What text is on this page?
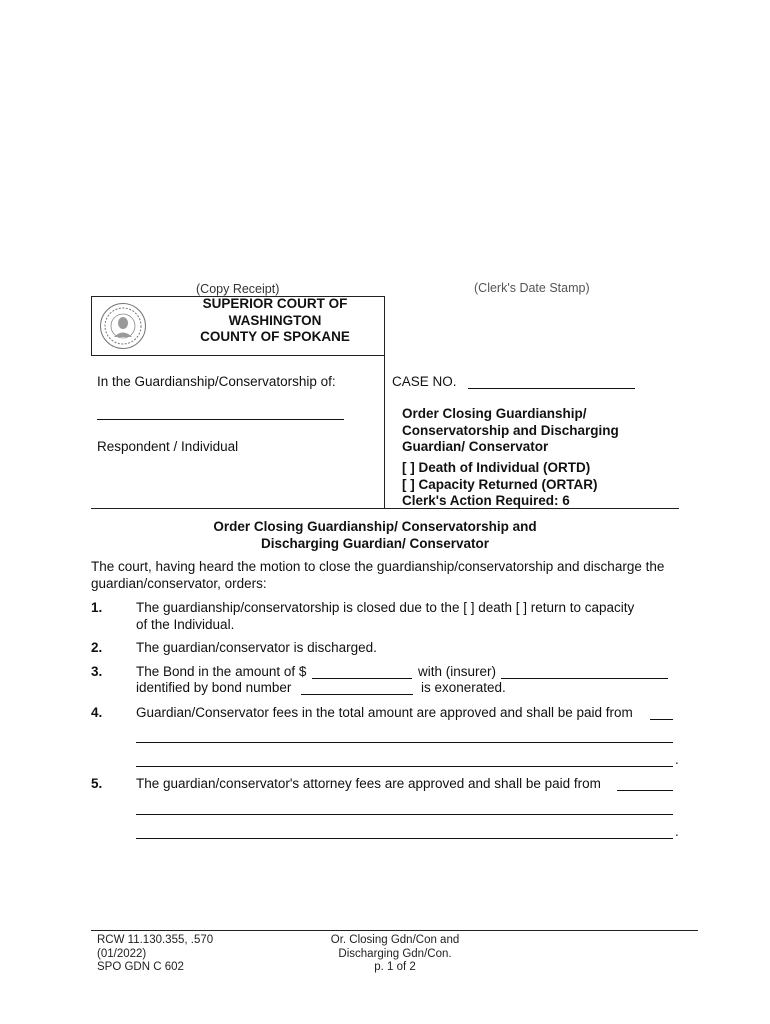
(Copy Receipt)	(Clerk's Date Stamp)
SUPERIOR COURT OF
WASHINGTON
COUNTY OF SPOKANE
In the Guardianship/Conservatorship of:
Respondent / Individual
CASE NO.
Order Closing Guardianship/
Conservatorship and Discharging
Guardian/ Conservator
[ ] Death of Individual (ORTD)
[ ] Capacity Returned (ORTAR)
Clerk's Action Required: 6
Order Closing Guardianship/ Conservatorship and
Discharging Guardian/ Conservator
The court, having heard the motion to close the guardianship/conservatorship and discharge the
guardian/conservator, orders:
1. The guardianship/conservatorship is closed due to the [ ] death [ ] return to capacity
of the Individual.
2. The guardian/conservator is discharged.
3. The Bond in the amount of $	with (insurer)
identified by bond number	is exonerated.
4. Guardian/Conservator fees in the total amount are approved and shall be paid from
.
5. The guardian/conservator's attorney fees are approved and shall be paid from
.
RCW 11.130.355, .570
(01/2022)
SPO GDN C 602
Or. Closing Gdn/Con and
Discharging Gdn/Con.
p. 1 of 2
